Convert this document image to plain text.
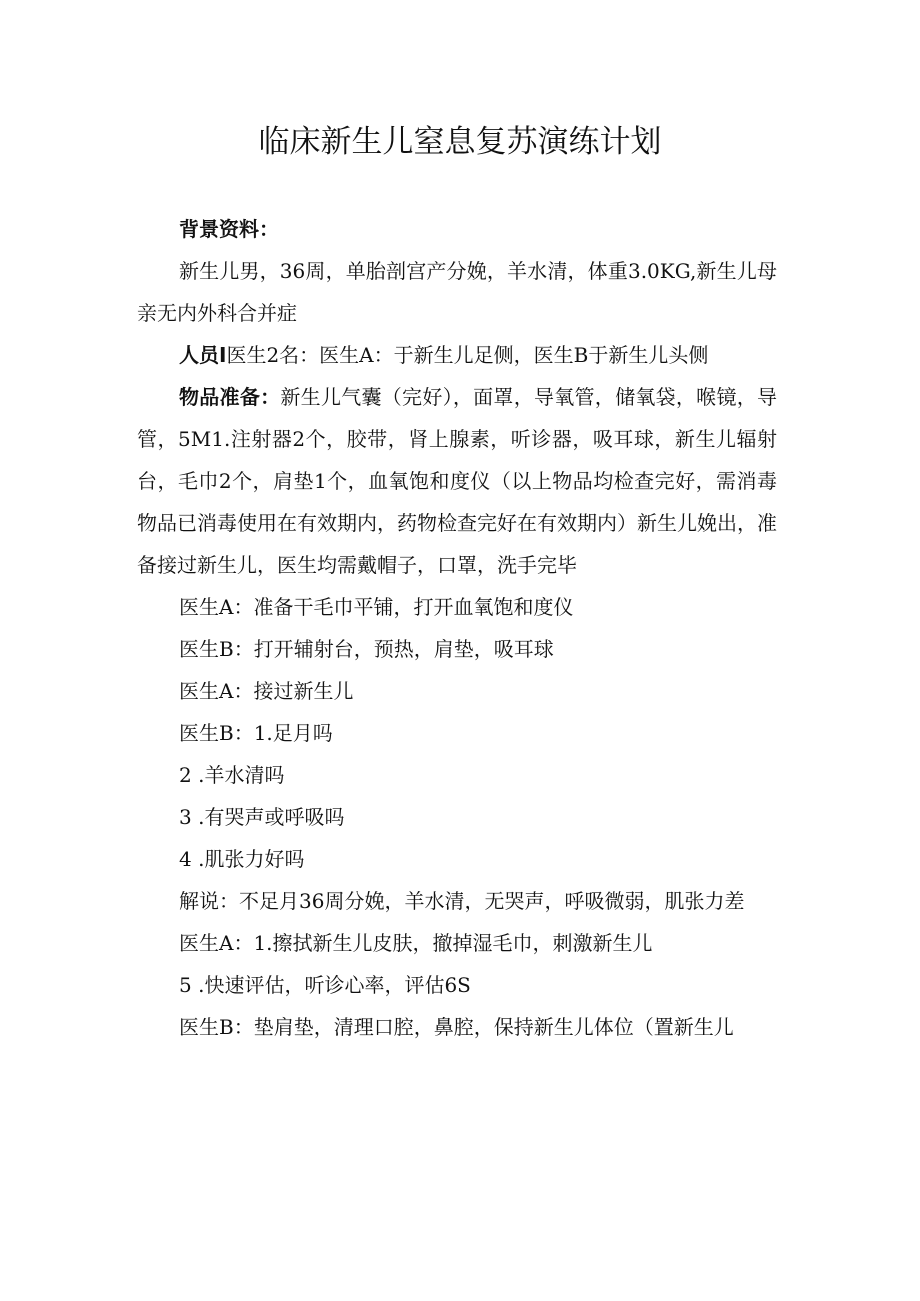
临床新生儿窒息复苏演练计划

背景资料：

新生儿男，36周，单胎剖宫产分娩，羊水清，体重3.0KG,新生儿母亲无内外科合并症

人员I医生2名：医生A：于新生儿足侧，医生B于新生儿头侧

物品准备：新生儿气囊（完好），面罩，导氧管，储氧袋，喉镜，导管，5M1.注射器2个，胶带，肾上腺素，听诊器，吸耳球，新生儿辐射台，毛巾2个，肩垫1个，血氧饱和度仪（以上物品均检查完好，需消毒物品已消毒使用在有效期内，药物检查完好在有效期内）新生儿娩出，准备接过新生儿，医生均需戴帽子，口罩，洗手完毕

医生A：准备干毛巾平铺，打开血氧饱和度仪

医生B：打开辅射台，预热，肩垫，吸耳球

医生A：接过新生儿

医生B：1.足月吗

2 .羊水清吗

3 .有哭声或呼吸吗

4 .肌张力好吗

解说：不足月36周分娩，羊水清，无哭声，呼吸微弱，肌张力差

医生A：1.擦拭新生儿皮肤，撤掉湿毛巾，刺激新生儿

5 .快速评估，听诊心率，评估6S

医生B：垫肩垫，清理口腔，鼻腔，保持新生儿体位（置新生儿
